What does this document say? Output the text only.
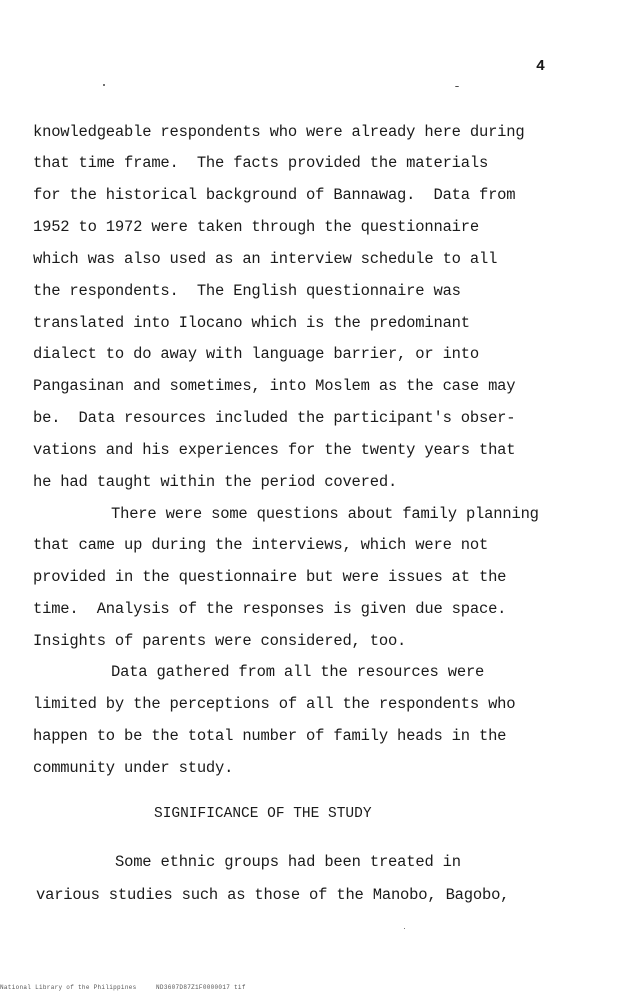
4
knowledgeable respondents who were already here during
that time frame.  The facts provided the materials
for the historical background of Bannawag.  Data from
1952 to 1972 were taken through the questionnaire
which was also used as an interview schedule to all
the respondents.  The English questionnaire was
translated into Ilocano which is the predominant
dialect to do away with language barrier, or into
Pangasinan and sometimes, into Moslem as the case may
be.  Data resources included the participant's obser-
vations and his experiences for the twenty years that
he had taught within the period covered.
There were some questions about family planning
that came up during the interviews, which were not
provided in the questionnaire but were issues at the
time.  Analysis of the responses is given due space.
Insights of parents were considered, too.
Data gathered from all the resources were
limited by the perceptions of all the respondents who
happen to be the total number of family heads in the
community under study.
SIGNIFICANCE OF THE STUDY
Some ethnic groups had been treated in
various studies such as those of the Manobo, Bagobo,
National Library of the Philippines     ND3607D87Z1F0000017 tif
